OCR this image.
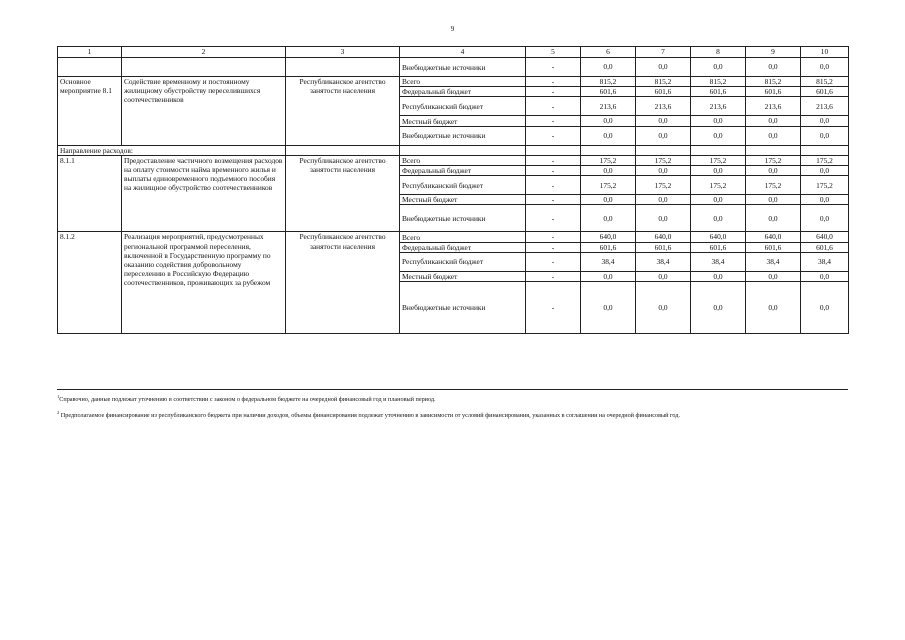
9
1	2	3	4	5	6	7	8	9	10
			Внебюджетные источники	-	0,0	0,0	0,0	0,0	0,0
Основное мероприятие 8.1	Содействие временному и постоянному жилищному обустройству переселившихся соотечественников	Республиканское агентство занятости населения	Всего	-	815,2	815,2	815,2	815,2	815,2
			Федеральный бюджет	-	601,6	601,6	601,6	601,6	601,6
			Республиканский бюджет	-	213,6	213,6	213,6	213,6	213,6
			Местный бюджет	-	0,0	0,0	0,0	0,0	0,0
			Внебюджетные источники	-	0,0	0,0	0,0	0,0	0,0
Направление расходов:									
8.1.1	Предоставление частичного возмещения расходов на оплату стоимости найма временного жилья и выплаты единовременного подъемного пособия на жилищное обустройство соотечественников	Республиканское агентство занятости населения	Всего	-	175,2	175,2	175,2	175,2	175,2
			Федеральный бюджет	-	0,0	0,0	0,0	0,0	0,0
			Республиканский бюджет	-	175,2	175,2	175,2	175,2	175,2
			Местный бюджет	-	0,0	0,0	0,0	0,0	0,0
			Внебюджетные источники	-	0,0	0,0	0,0	0,0	0,0
8.1.2	Реализация мероприятий, предусмотренных региональной программой переселения, включенной в Государственную программу по оказанию содействия добровольному переселению в Российскую Федерацию соотечественников, проживающих за рубежом	Республиканское агентство занятости населения	Всего	-	640,0	640,0	640,0	640,0	640,0
			Федеральный бюджет	-	601,6	601,6	601,6	601,6	601,6
			Республиканский бюджет	-	38,4	38,4	38,4	38,4	38,4
			Местный бюджет	-	0,0	0,0	0,0	0,0	0,0
			Внебюджетные источники	-	0,0	0,0	0,0	0,0	0,0
$^1$Справочно, данные подлежат уточнению в соответствии с законом о федеральном бюджете на очередной финансовый год и плановый период.
$^2$ Предполагаемое финансирование из республиканского бюджета при наличии доходов, объемы финансирования подлежат уточнению в зависимости от условий финансирования, указанных в соглашении на очередной финансовый год.
